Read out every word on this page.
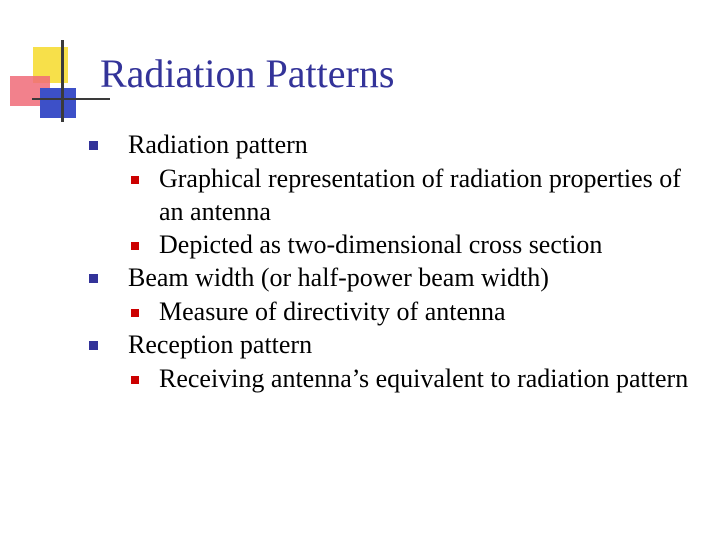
Radiation Patterns
Radiation pattern
Graphical representation of radiation properties of an antenna
Depicted as two-dimensional cross section
Beam width (or half-power beam width)
Measure of directivity of antenna
Reception pattern
Receiving antenna’s equivalent to radiation pattern
